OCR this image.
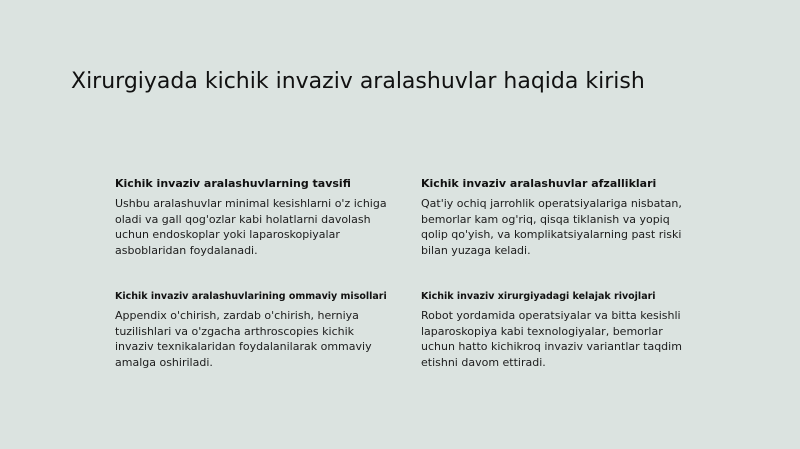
Xirurgiyada kichik invaziv aralashuvlar haqida kirish
Kichik invaziv aralashuvlarning tavsifi

Ushbu aralashuvlar minimal kesishlarni o'z ichiga oladi va gall qog'ozlar kabi holatlarni davolash uchun endoskoplar yoki laparoskopiyalar asboblaridan foydalanadi.

Kichik invaziv aralashuvlar afzalliklari

Qat'iy ochiq jarrohlik operatsiyalariga nisbatan, bemorlar kam og'riq, qisqa tiklanish va yopiq qolip qo'yish, va komplikatsiyalarning past riski bilan yuzaga keladi.

Kichik invaziv aralashuvlarining ommaviy misollari

Appendix o'chirish, zardab o'chirish, herniya tuzilishlari va o'zgacha arthroscopies kichik invaziv texnikalaridan foydalanilarak ommaviy amalga oshiriladi.

Kichik invaziv xirurgiyadagi kelajak rivojlari

Robot yordamida operatsiyalar va bitta kesishli laparoskopiya kabi texnologiyalar, bemorlar uchun hatto kichikroq invaziv variantlar taqdim etishni davom ettiradi.
